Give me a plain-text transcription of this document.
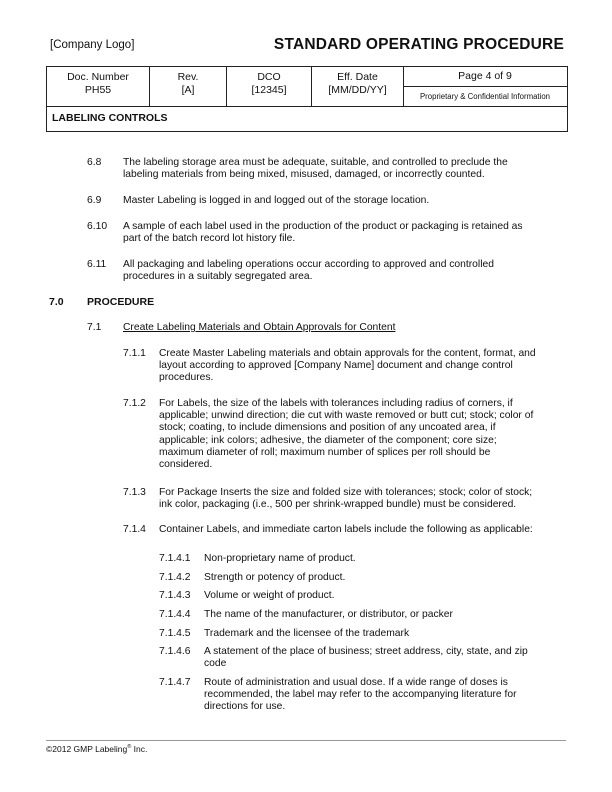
[Company Logo]	STANDARD OPERATING PROCEDURE
Doc. Number
PH55
Rev.
[A]
DCO
[12345]
Eff. Date
[MM/DD/YY]
Page 4 of 9
Proprietary & Confidential Information
LABELING CONTROLS
6.8 The labeling storage area must be adequate, suitable, and controlled to preclude the
labeling materials from being mixed, misused, damaged, or incorrectly counted.
6.9 Master Labeling is logged in and logged out of the storage location.
6.10 A sample of each label used in the production of the product or packaging is retained as
part of the batch record lot history file.
6.11 All packaging and labeling operations occur according to approved and controlled
procedures in a suitably segregated area.
7.0 PROCEDURE
7.1 Create Labeling Materials and Obtain Approvals for Content
7.1.1 Create Master Labeling materials and obtain approvals for the content, format, and
layout according to approved [Company Name] document and change control
procedures.
7.1.2 For Labels, the size of the labels with tolerances including radius of corners, if
applicable; unwind direction; die cut with waste removed or butt cut; stock; color of
stock; coating, to include dimensions and position of any uncoated area, if
applicable; ink colors; adhesive, the diameter of the component; core size;
maximum diameter of roll; maximum number of splices per roll should be
considered.
7.1.3 For Package Inserts the size and folded size with tolerances; stock; color of stock;
ink color, packaging (i.e., 500 per shrink-wrapped bundle) must be considered.
7.1.4 Container Labels, and immediate carton labels include the following as applicable:
7.1.4.1 Non-proprietary name of product.
7.1.4.2 Strength or potency of product.
7.1.4.3 Volume or weight of product.
7.1.4.4 The name of the manufacturer, or distributor, or packer
7.1.4.5 Trademark and the licensee of the trademark
7.1.4.6 A statement of the place of business; street address, city, state, and zip
code
7.1.4.7 Route of administration and usual dose. If a wide range of doses is
recommended, the label may refer to the accompanying literature for
directions for use.
©2012 GMP Labeling® Inc.
